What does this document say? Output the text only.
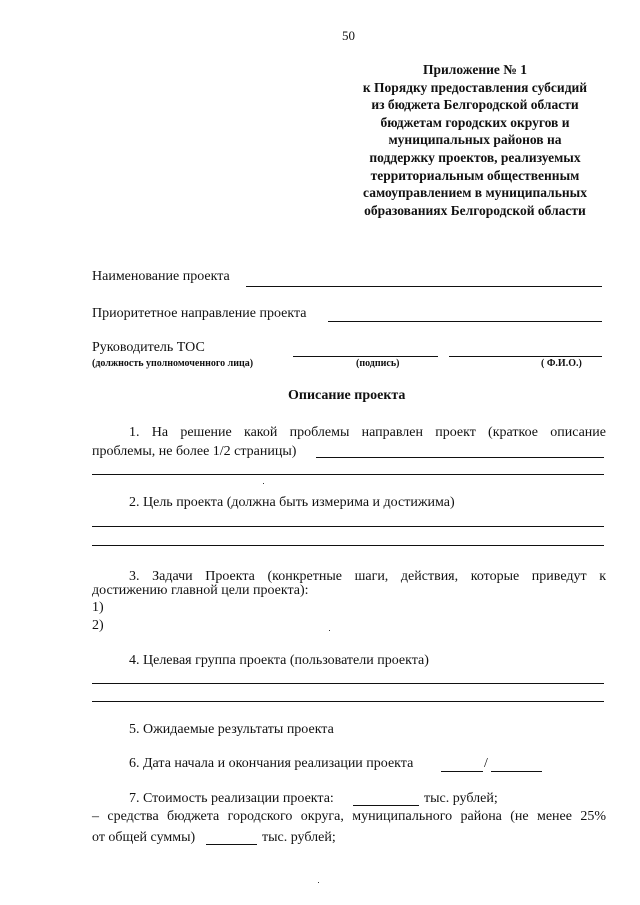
50
Приложение № 1
к Порядку предоставления субсидий
из бюджета Белгородской области
бюджетам городских округов и
муниципальных районов на
поддержку проектов, реализуемых
территориальным общественным
самоуправлением в муниципальных
образованиях Белгородской области
Наименование проекта
Приоритетное направление проекта
Руководитель ТОС
(должность уполномоченного лица)	(подпись)	( Ф.И.О.)
Описание проекта
1. На решение какой проблемы направлен проект (краткое описание
проблемы, не более 1/2 страницы)
2. Цель проекта (должна быть измерима и достижима)
3. Задачи Проекта (конкретные шаги, действия, которые приведут к
достижению главной цели проекта):
1)
2)
4. Целевая группа проекта (пользователи проекта)
5. Ожидаемые результаты проекта
6. Дата начала и окончания реализации проекта	/
7. Стоимость реализации проекта:	тыс. рублей;
– средства бюджета городского округа, муниципального района (не менее 25%
от общей суммы)	тыс. рублей;
